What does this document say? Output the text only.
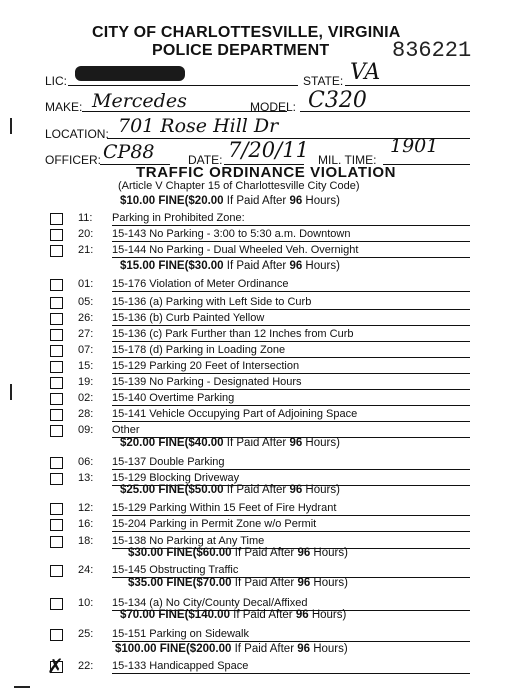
CITY OF CHARLOTTESVILLE, VIRGINIA
POLICE DEPARTMENT	836221
LIC:	STATE: VA
MAKE: Mercedes	MODEL: C320
LOCATION: 701 Rose Hill Dr
OFFICER: CP88	DATE: 7/20/11 MIL. TIME:
1901
TRAFFIC ORDINANCE VIOLATION
(Article V Chapter 15 of Charlottesville City Code)
$10.00 FINE($20.00 If Paid After 96 Hours)
11: Parking in Prohibited Zone:
20: 15-143 No Parking - 3:00 to 5:30 a.m. Downtown
21: 15-144 No Parking - Dual Wheeled Veh. Overnight
$15.00 FINE($30.00 If Paid After 96 Hours)
01: 15-176 Violation of Meter Ordinance
05: 15-136 (a) Parking with Left Side to Curb
26: 15-136 (b) Curb Painted Yellow
27: 15-136 (c) Park Further than 12 Inches from Curb
07: 15-178 (d) Parking in Loading Zone
15: 15-129 Parking 20 Feet of Intersection
19: 15-139 No Parking - Designated Hours
02: 15-140 Overtime Parking
28: 15-141 Vehicle Occupying Part of Adjoining Space
09: Other
$20.00 FINE($40.00 If Paid After 96 Hours)
06: 15-137 Double Parking
13: 15-129 Blocking Driveway
$25.00 FINE($50.00 If Paid After 96 Hours)
12: 15-129 Parking Within 15 Feet of Fire Hydrant
16: 15-204 Parking in Permit Zone w/o Permit
18: 15-138 No Parking at Any Time
$30.00 FINE($60.00 If Paid After 96 Hours)
24: 15-145 Obstructing Traffic
$35.00 FINE($70.00 If Paid After 96 Hours)
10: 15-134 (a) No City/County Decal/Affixed
$70.00 FINE($140.00 If Paid After 96 Hours)
25: 15-151 Parking on Sidewalk
$100.00 FINE($200.00 If Paid After 96 Hours)
✗ 22: 15-133 Handicapped Space
